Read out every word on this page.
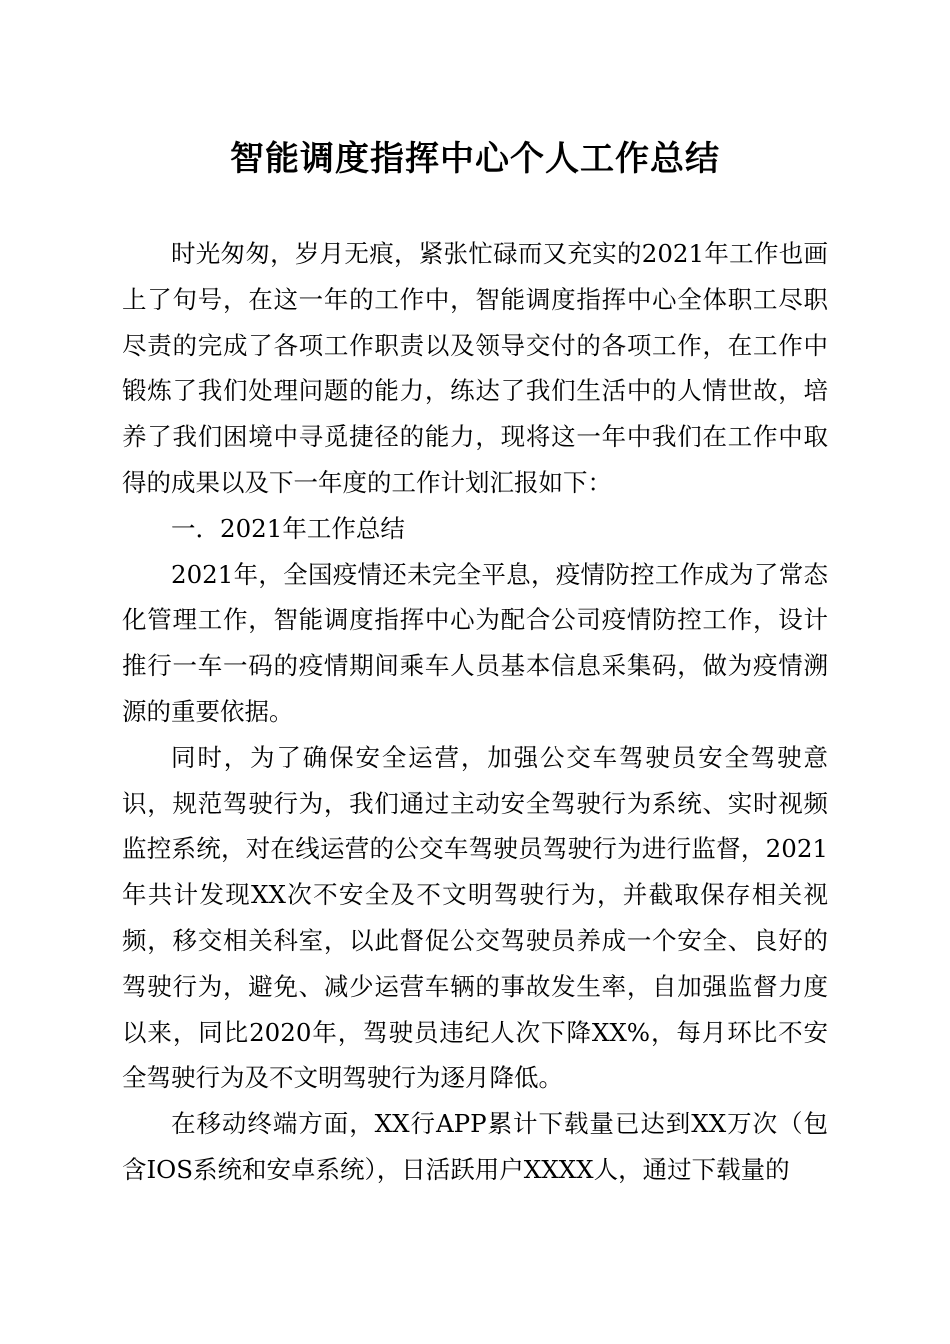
智能调度指挥中心个人工作总结

时光匆匆，岁月无痕，紧张忙碌而又充实的2021年工作也画上了句号，在这一年的工作中，智能调度指挥中心全体职工尽职尽责的完成了各项工作职责以及领导交付的各项工作，在工作中锻炼了我们处理问题的能力，练达了我们生活中的人情世故，培养了我们困境中寻觅捷径的能力，现将这一年中我们在工作中取得的成果以及下一年度的工作计划汇报如下：

一．2021年工作总结

2021年，全国疫情还未完全平息，疫情防控工作成为了常态化管理工作，智能调度指挥中心为配合公司疫情防控工作，设计推行一车一码的疫情期间乘车人员基本信息采集码，做为疫情溯源的重要依据。

同时，为了确保安全运营，加强公交车驾驶员安全驾驶意识，规范驾驶行为，我们通过主动安全驾驶行为系统、实时视频监控系统，对在线运营的公交车驾驶员驾驶行为进行监督，2021年共计发现XX次不安全及不文明驾驶行为，并截取保存相关视频，移交相关科室，以此督促公交驾驶员养成一个安全、良好的驾驶行为，避免、减少运营车辆的事故发生率，自加强监督力度以来，同比2020年，驾驶员违纪人次下降XX%，每月环比不安全驾驶行为及不文明驾驶行为逐月降低。

在移动终端方面，XX行APP累计下载量已达到XX万次（包含IOS系统和安卓系统），日活跃用户XXXX人，通过下载量的
